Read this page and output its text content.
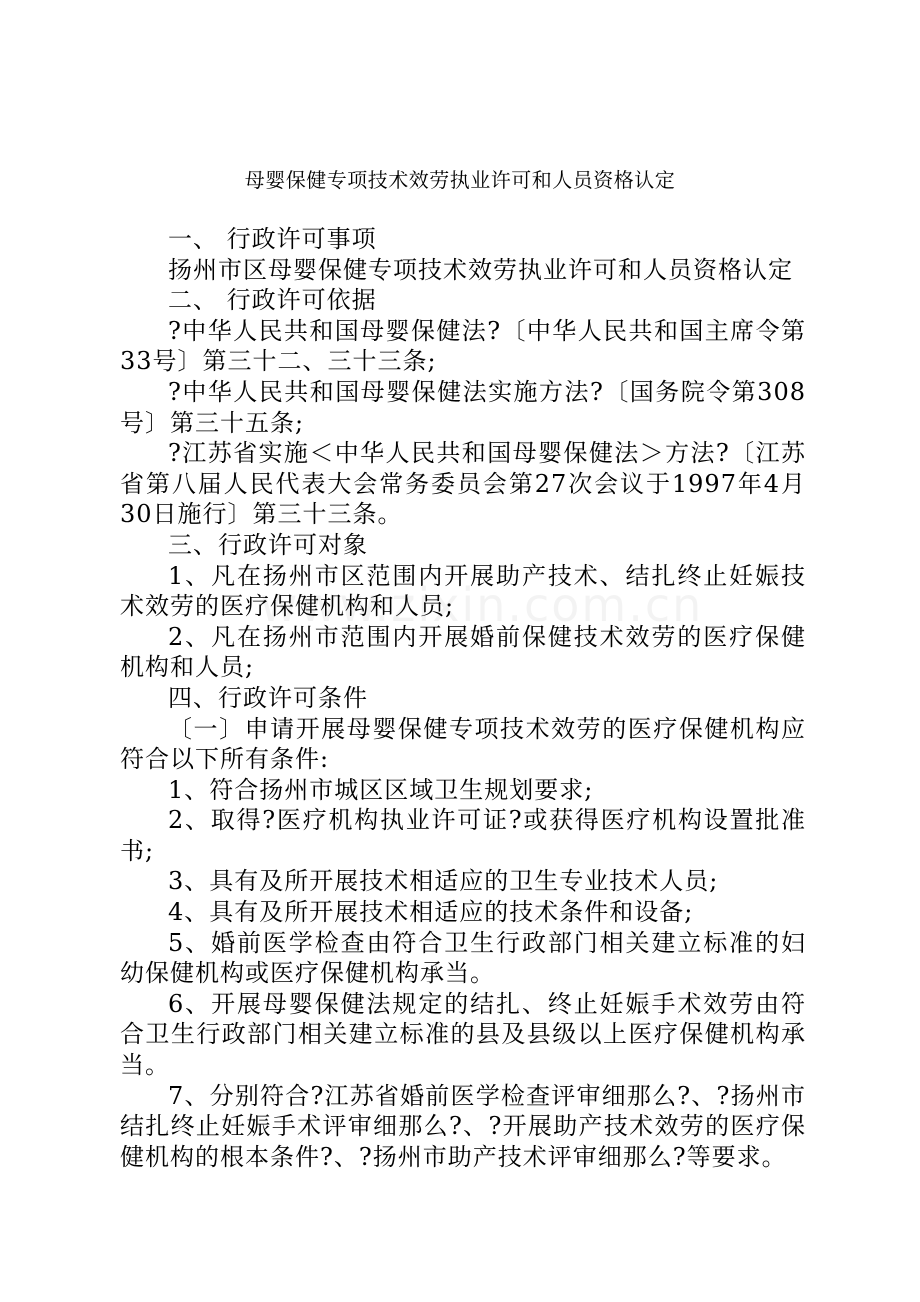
母婴保健专项技术效劳执业许可和人员资格认定

一、 行政许可事项

扬州市区母婴保健专项技术效劳执业许可和人员资格认定

二、 行政许可依据

?中华人民共和国母婴保健法?〔中华人民共和国主席令第33号〕第三十二、三十三条;

?中华人民共和国母婴保健法实施方法?〔国务院令第308号〕第三十五条;

?江苏省实施＜中华人民共和国母婴保健法＞方法?〔江苏省第八届人民代表大会常务委员会第27次会议于1997年4月30日施行〕第三十三条。

三、行政许可对象

1、凡在扬州市区范围内开展助产技术、结扎终止妊娠技术效劳的医疗保健机构和人员;

2、凡在扬州市范围内开展婚前保健技术效劳的医疗保健机构和人员;

四、行政许可条件

〔一〕申请开展母婴保健专项技术效劳的医疗保健机构应符合以下所有条件:

1、符合扬州市城区区域卫生规划要求;

2、取得?医疗机构执业许可证?或获得医疗机构设置批准书;

3、具有及所开展技术相适应的卫生专业技术人员;

4、具有及所开展技术相适应的技术条件和设备;

5、婚前医学检查由符合卫生行政部门相关建立标准的妇幼保健机构或医疗保健机构承当。

6、开展母婴保健法规定的结扎、终止妊娠手术效劳由符合卫生行政部门相关建立标准的县及县级以上医疗保健机构承当。

7、分别符合?江苏省婚前医学检查评审细那么?、?扬州市结扎终止妊娠手术评审细那么?、?开展助产技术效劳的医疗保健机构的根本条件?、?扬州市助产技术评审细那么?等要求。
